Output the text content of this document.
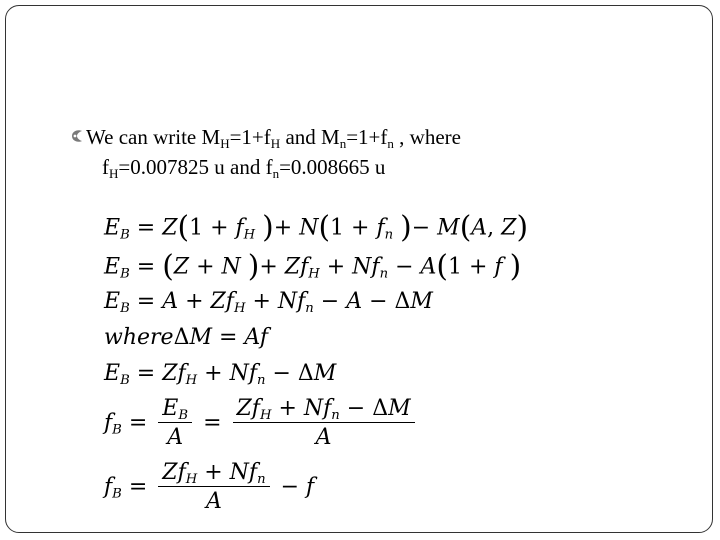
We can write $M_H=1+f_H$ and $M_n=1+f_n$ , where
$f_H=0.007825$ u and $f_n=0.008665$ u
$E_B = Z(1 + f_H$ )+ $N(1 + f_n$ )− M(A, Z)
$E_B = (Z + N$ )+ $Zf_H + Nf_n - A(1 + f$ )
$E_B = A + Zf_H + Nf_n - A - \Delta M$
whereΔM = Af
$E_B = Zf_H + Nf_n - \Delta M$
$f_B = \frac{E_B}{A} = \frac{Zf_H + Nf_n - \Delta M}{A}$
$f_B = \frac{Zf_H + Nf_n}{A} - f$
